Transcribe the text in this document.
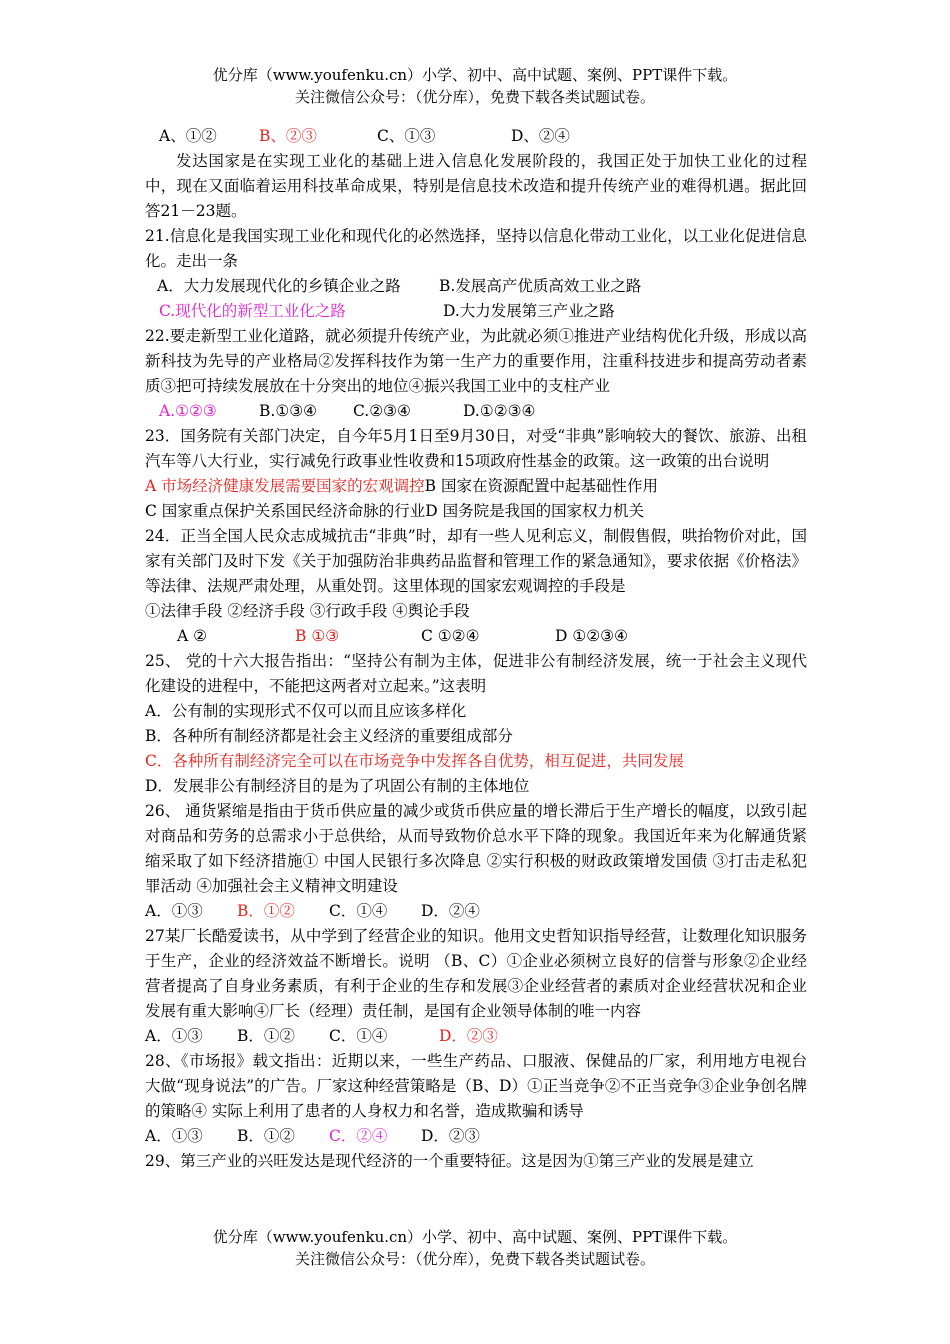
优分库（www.youfenku.cn）小学、初中、高中试题、案例、PPT课件下载。
关注微信公众号：（优分库），免费下载各类试题试卷。
A、①②	B、②③	C、①③	D、②④

发达国家是在实现工业化的基础上进入信息化发展阶段的，我国正处于加快工业化的过程中，现在又面临着运用科技革命成果，特别是信息技术改造和提升传统产业的难得机遇。据此回答21－23题。

21.信息化是我国实现工业化和现代化的必然选择，坚持以信息化带动工业化，以工业化促进信息化。走出一条

A．大力发展现代化的乡镇企业之路	B.发展高产优质高效工业之路
C.现代化的新型工业化之路	D.大力发展第三产业之路

22.要走新型工业化道路，就必须提升传统产业，为此就必须①推进产业结构优化升级，形成以高新科技为先导的产业格局②发挥科技作为第一生产力的重要作用，注重科技进步和提高劳动者素质③把可持续发展放在十分突出的地位④振兴我国工业中的支柱产业

A.①②③	B.①③④	C.②③④	D.①②③④

23．国务院有关部门决定，自今年5月1日至9月30日，对受“非典”影响较大的餐饮、旅游、出租汽车等八大行业，实行减免行政事业性收费和15项政府性基金的政策。这一政策的出台说明

A 市场经济健康发展需要国家的宏观调控 B 国家在资源配置中起基础性作用
C 国家重点保护关系国民经济命脉的行业 D 国务院是我国的国家权力机关

24．正当全国人民众志成城抗击“非典”时，却有一些人见利忘义，制假售假，哄抬物价对此，国家有关部门及时下发《关于加强防治非典药品监督和管理工作的紧急通知》，要求依据《价格法》等法律、法规严肃处理，从重处罚。这里体现的国家宏观调控的手段是

①法律手段 ②经济手段 ③行政手段 ④舆论手段

A ②	B ①③	C ①②④	D ①②③④

25、 党的十六大报告指出：“坚持公有制为主体，促进非公有制经济发展，统一于社会主义现代化建设的进程中，不能把这两者对立起来。”这表明

A．公有制的实现形式不仅可以而且应该多样化

B．各种所有制经济都是社会主义经济的重要组成部分

C．各种所有制经济完全可以在市场竞争中发挥各自优势，相互促进，共同发展

D．发展非公有制经济目的是为了巩固公有制的主体地位

26、 通货紧缩是指由于货币供应量的减少或货币供应量的增长滞后于生产增长的幅度，以致引起对商品和劳务的总需求小于总供给，从而导致物价总水平下降的现象。我国近年来为化解通货紧缩采取了如下经济措施① 中国人民银行多次降息 ②实行积极的财政政策增发国债 ③打击走私犯罪活动 ④加强社会主义精神文明建设

A．①③	B．①②	C．①④	D．②④

27某厂长酷爱读书，从中学到了经营企业的知识。他用文史哲知识指导经营，让数理化知识服务于生产，企业的经济效益不断增长。说明 （B、C）①企业必须树立良好的信誉与形象②企业经营者提高了自身业务素质，有利于企业的生存和发展③企业经营者的素质对企业经营状况和企业发展有重大影响④厂长（经理）责任制，是国有企业领导体制的唯一内容

A．①③	B．①②	C．①④	D．②③

28、《市场报》载文指出：近期以来，一些生产药品、口服液、保健品的厂家，利用地方电视台大做“现身说法”的广告。厂家这种经营策略是（B、D）①正当竞争②不正当竞争③企业争创名牌的策略④ 实际上利用了患者的人身权力和名誉，造成欺骗和诱导

A．①③	B．①②	C．②④	D．②③

29、第三产业的兴旺发达是现代经济的一个重要特征。这是因为①第三产业的发展是建立

优分库（www.youfenku.cn）小学、初中、高中试题、案例、PPT课件下载。
关注微信公众号：（优分库），免费下载各类试题试卷。
